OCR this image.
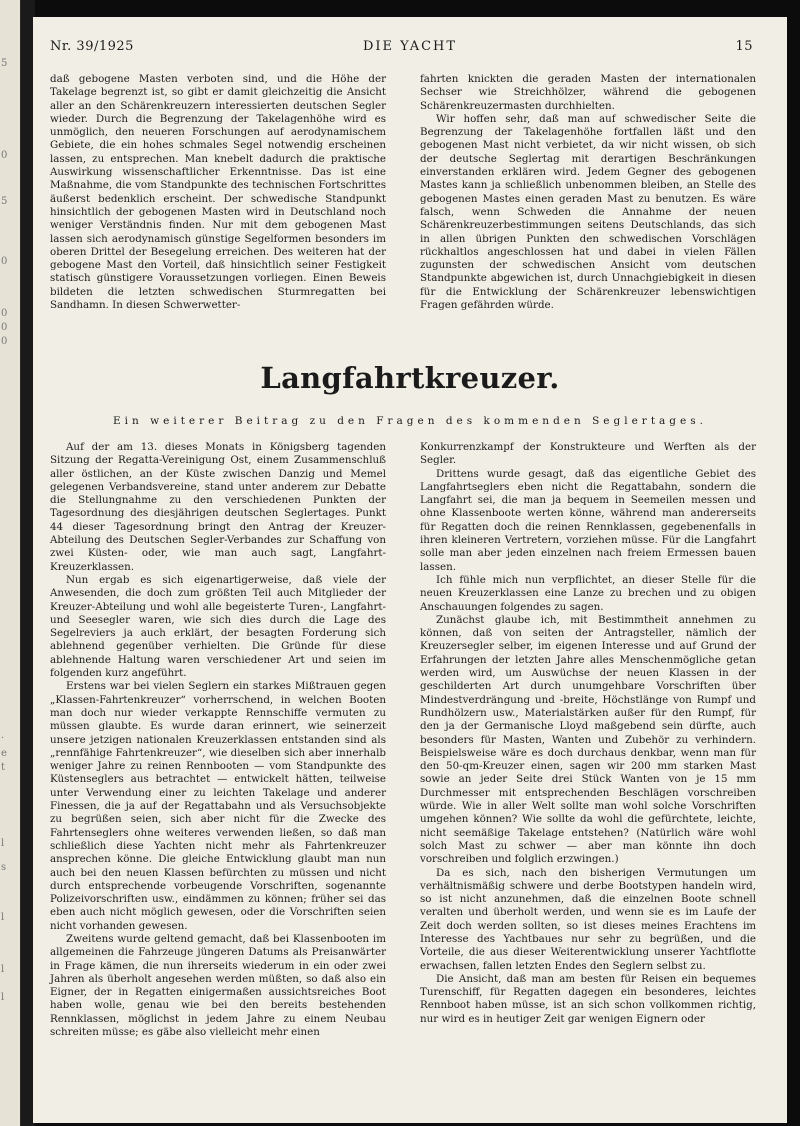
5
0
5
0
0
0
0
.
e
t
l
s
l
l
l
Nr. 39/1925	DIE YACHT	15

daß gebogene Masten verboten sind, und die Höhe der Takelage begrenzt ist, so gibt er damit gleichzeitig die Ansicht aller an den Schärenkreuzern interessierten deutschen Segler wieder. Durch die Begrenzung der Takelagenhöhe wird es unmöglich, den neueren Forschungen auf aerodynamischem Gebiete, die ein hohes schmales Segel notwendig erscheinen lassen, zu entsprechen. Man knebelt dadurch die praktische Auswirkung wissenschaftlicher Erkenntnisse. Das ist eine Maßnahme, die vom Standpunkte des technischen Fortschrittes äußerst bedenklich erscheint. Der schwedische Standpunkt hinsichtlich der gebogenen Masten wird in Deutschland noch weniger Verständnis finden. Nur mit dem gebogenen Mast lassen sich aerodynamisch günstige Segelformen besonders im oberen Drittel der Besegelung erreichen. Des weiteren hat der gebogene Mast den Vorteil, daß hinsichtlich seiner Festigkeit statisch günstigere Voraussetzungen vorliegen. Einen Beweis bildeten die letzten schwedischen Sturmregatten bei Sandhamn. In diesen Schwerwetter-

fahrten knickten die geraden Masten der internationalen Sechser wie Streichhölzer, während die gebogenen Schärenkreuzermasten durchhielten.

Wir hoffen sehr, daß man auf schwedischer Seite die Begrenzung der Takelagenhöhe fortfallen läßt und den gebogenen Mast nicht verbietet, da wir nicht wissen, ob sich der deutsche Seglertag mit derartigen Beschränkungen einverstanden erklären wird. Jedem Gegner des gebogenen Mastes kann ja schließlich unbenommen bleiben, an Stelle des gebogenen Mastes einen geraden Mast zu benutzen. Es wäre falsch, wenn Schweden die Annahme der neuen Schärenkreuzerbestimmungen seitens Deutschlands, das sich in allen übrigen Punkten den schwedischen Vorschlägen rückhaltlos angeschlossen hat und dabei in vielen Fällen zugunsten der schwedischen Ansicht vom deutschen Standpunkte abgewichen ist, durch Unnachgiebigkeit in diesen für die Entwicklung der Schärenkreuzer lebenswichtigen Fragen gefährden würde.

Langfahrtkreuzer.
Ein weiterer Beitrag zu den Fragen des kommenden Seglertages.

Auf der am 13. dieses Monats in Königsberg tagenden Sitzung der Regatta-Vereinigung Ost, einem Zusammenschluß aller östlichen, an der Küste zwischen Danzig und Memel gelegenen Verbandsvereine, stand unter anderem zur Debatte die Stellungnahme zu den verschiedenen Punkten der Tagesordnung des diesjährigen deutschen Seglertages. Punkt 44 dieser Tagesordnung bringt den Antrag der Kreuzer-Abteilung des Deutschen Segler-Verbandes zur Schaffung von zwei Küsten- oder, wie man auch sagt, Langfahrt-Kreuzerklassen.

Nun ergab es sich eigenartigerweise, daß viele der Anwesenden, die doch zum größten Teil auch Mitglieder der Kreuzer-Abteilung und wohl alle begeisterte Turen-, Langfahrt- und Seesegler waren, wie sich dies durch die Lage des Segelreviers ja auch erklärt, der besagten Forderung sich ablehnend gegenüber verhielten. Die Gründe für diese ablehnende Haltung waren verschiedener Art und seien im folgenden kurz angeführt.

Erstens war bei vielen Seglern ein starkes Mißtrauen gegen „Klassen-Fahrtenkreuzer“ vorherrschend, in welchen Booten man doch nur wieder verkappte Rennschiffe vermuten zu müssen glaubte. Es wurde daran erinnert, wie seinerzeit unsere jetzigen nationalen Kreuzerklassen entstanden sind als „rennfähige Fahrtenkreuzer“, wie dieselben sich aber innerhalb weniger Jahre zu reinen Rennbooten — vom Standpunkte des Küstenseglers aus betrachtet — entwickelt hätten, teilweise unter Verwendung einer zu leichten Takelage und anderer Finessen, die ja auf der Regattabahn und als Versuchsobjekte zu begrüßen seien, sich aber nicht für die Zwecke des Fahrtenseglers ohne weiteres verwenden ließen, so daß man schließlich diese Yachten nicht mehr als Fahrtenkreuzer ansprechen könne. Die gleiche Entwicklung glaubt man nun auch bei den neuen Klassen befürchten zu müssen und nicht durch entsprechende vorbeugende Vorschriften, sogenannte Polizeivorschriften usw., eindämmen zu können; früher sei das eben auch nicht möglich gewesen, oder die Vorschriften seien nicht vorhanden gewesen.

Zweitens wurde geltend gemacht, daß bei Klassenbooten im allgemeinen die Fahrzeuge jüngeren Datums als Preisanwärter in Frage kämen, die nun ihrerseits wiederum in ein oder zwei Jahren als überholt angesehen werden müßten, so daß also ein Eigner, der in Regatten einigermaßen aussichtsreiches Boot haben wolle, genau wie bei den bereits bestehenden Rennklassen, möglichst in jedem Jahre zu einem Neubau schreiten müsse; es gäbe also vielleicht mehr einen

Konkurrenzkampf der Konstrukteure und Werften als der Segler.

Drittens wurde gesagt, daß das eigentliche Gebiet des Langfahrtseglers eben nicht die Regattabahn, sondern die Langfahrt sei, die man ja bequem in Seemeilen messen und ohne Klassenboote werten könne, während man andererseits für Regatten doch die reinen Rennklassen, gegebenenfalls in ihren kleineren Vertretern, vorziehen müsse. Für die Langfahrt solle man aber jeden einzelnen nach freiem Ermessen bauen lassen.

Ich fühle mich nun verpflichtet, an dieser Stelle für die neuen Kreuzerklassen eine Lanze zu brechen und zu obigen Anschauungen folgendes zu sagen.

Zunächst glaube ich, mit Bestimmtheit annehmen zu können, daß von seiten der Antragsteller, nämlich der Kreuzersegler selber, im eigenen Interesse und auf Grund der Erfahrungen der letzten Jahre alles Menschenmögliche getan werden wird, um Auswüchse der neuen Klassen in der geschilderten Art durch unumgehbare Vorschriften über Mindestverdrängung und -breite, Höchstlänge von Rumpf und Rundhölzern usw., Materialstärken außer für den Rumpf, für den ja der Germanische Lloyd maßgebend sein dürfte, auch besonders für Masten, Wanten und Zubehör zu verhindern. Beispielsweise wäre es doch durchaus denkbar, wenn man für den 50-qm-Kreuzer einen, sagen wir 200 mm starken Mast sowie an jeder Seite drei Stück Wanten von je 15 mm Durchmesser mit entsprechenden Beschlägen vorschreiben würde. Wie in aller Welt sollte man wohl solche Vorschriften umgehen können? Wie sollte da wohl die gefürchtete, leichte, nicht seemäßige Takelage entstehen? (Natürlich wäre wohl solch Mast zu schwer — aber man könnte ihn doch vorschreiben und folglich erzwingen.)

Da es sich, nach den bisherigen Vermutungen um verhältnismäßig schwere und derbe Bootstypen handeln wird, so ist nicht anzunehmen, daß die einzelnen Boote schnell veralten und überholt werden, und wenn sie es im Laufe der Zeit doch werden sollten, so ist dieses meines Erachtens im Interesse des Yachtbaues nur sehr zu begrüßen, und die Vorteile, die aus dieser Weiterentwicklung unserer Yachtflotte erwachsen, fallen letzten Endes den Seglern selbst zu.

Die Ansicht, daß man am besten für Reisen ein bequemes Turenschiff, für Regatten dagegen ein besonderes, leichtes Rennboot haben müsse, ist an sich schon vollkommen richtig, nur wird es in heutiger Zeit gar wenigen Eignern oder
